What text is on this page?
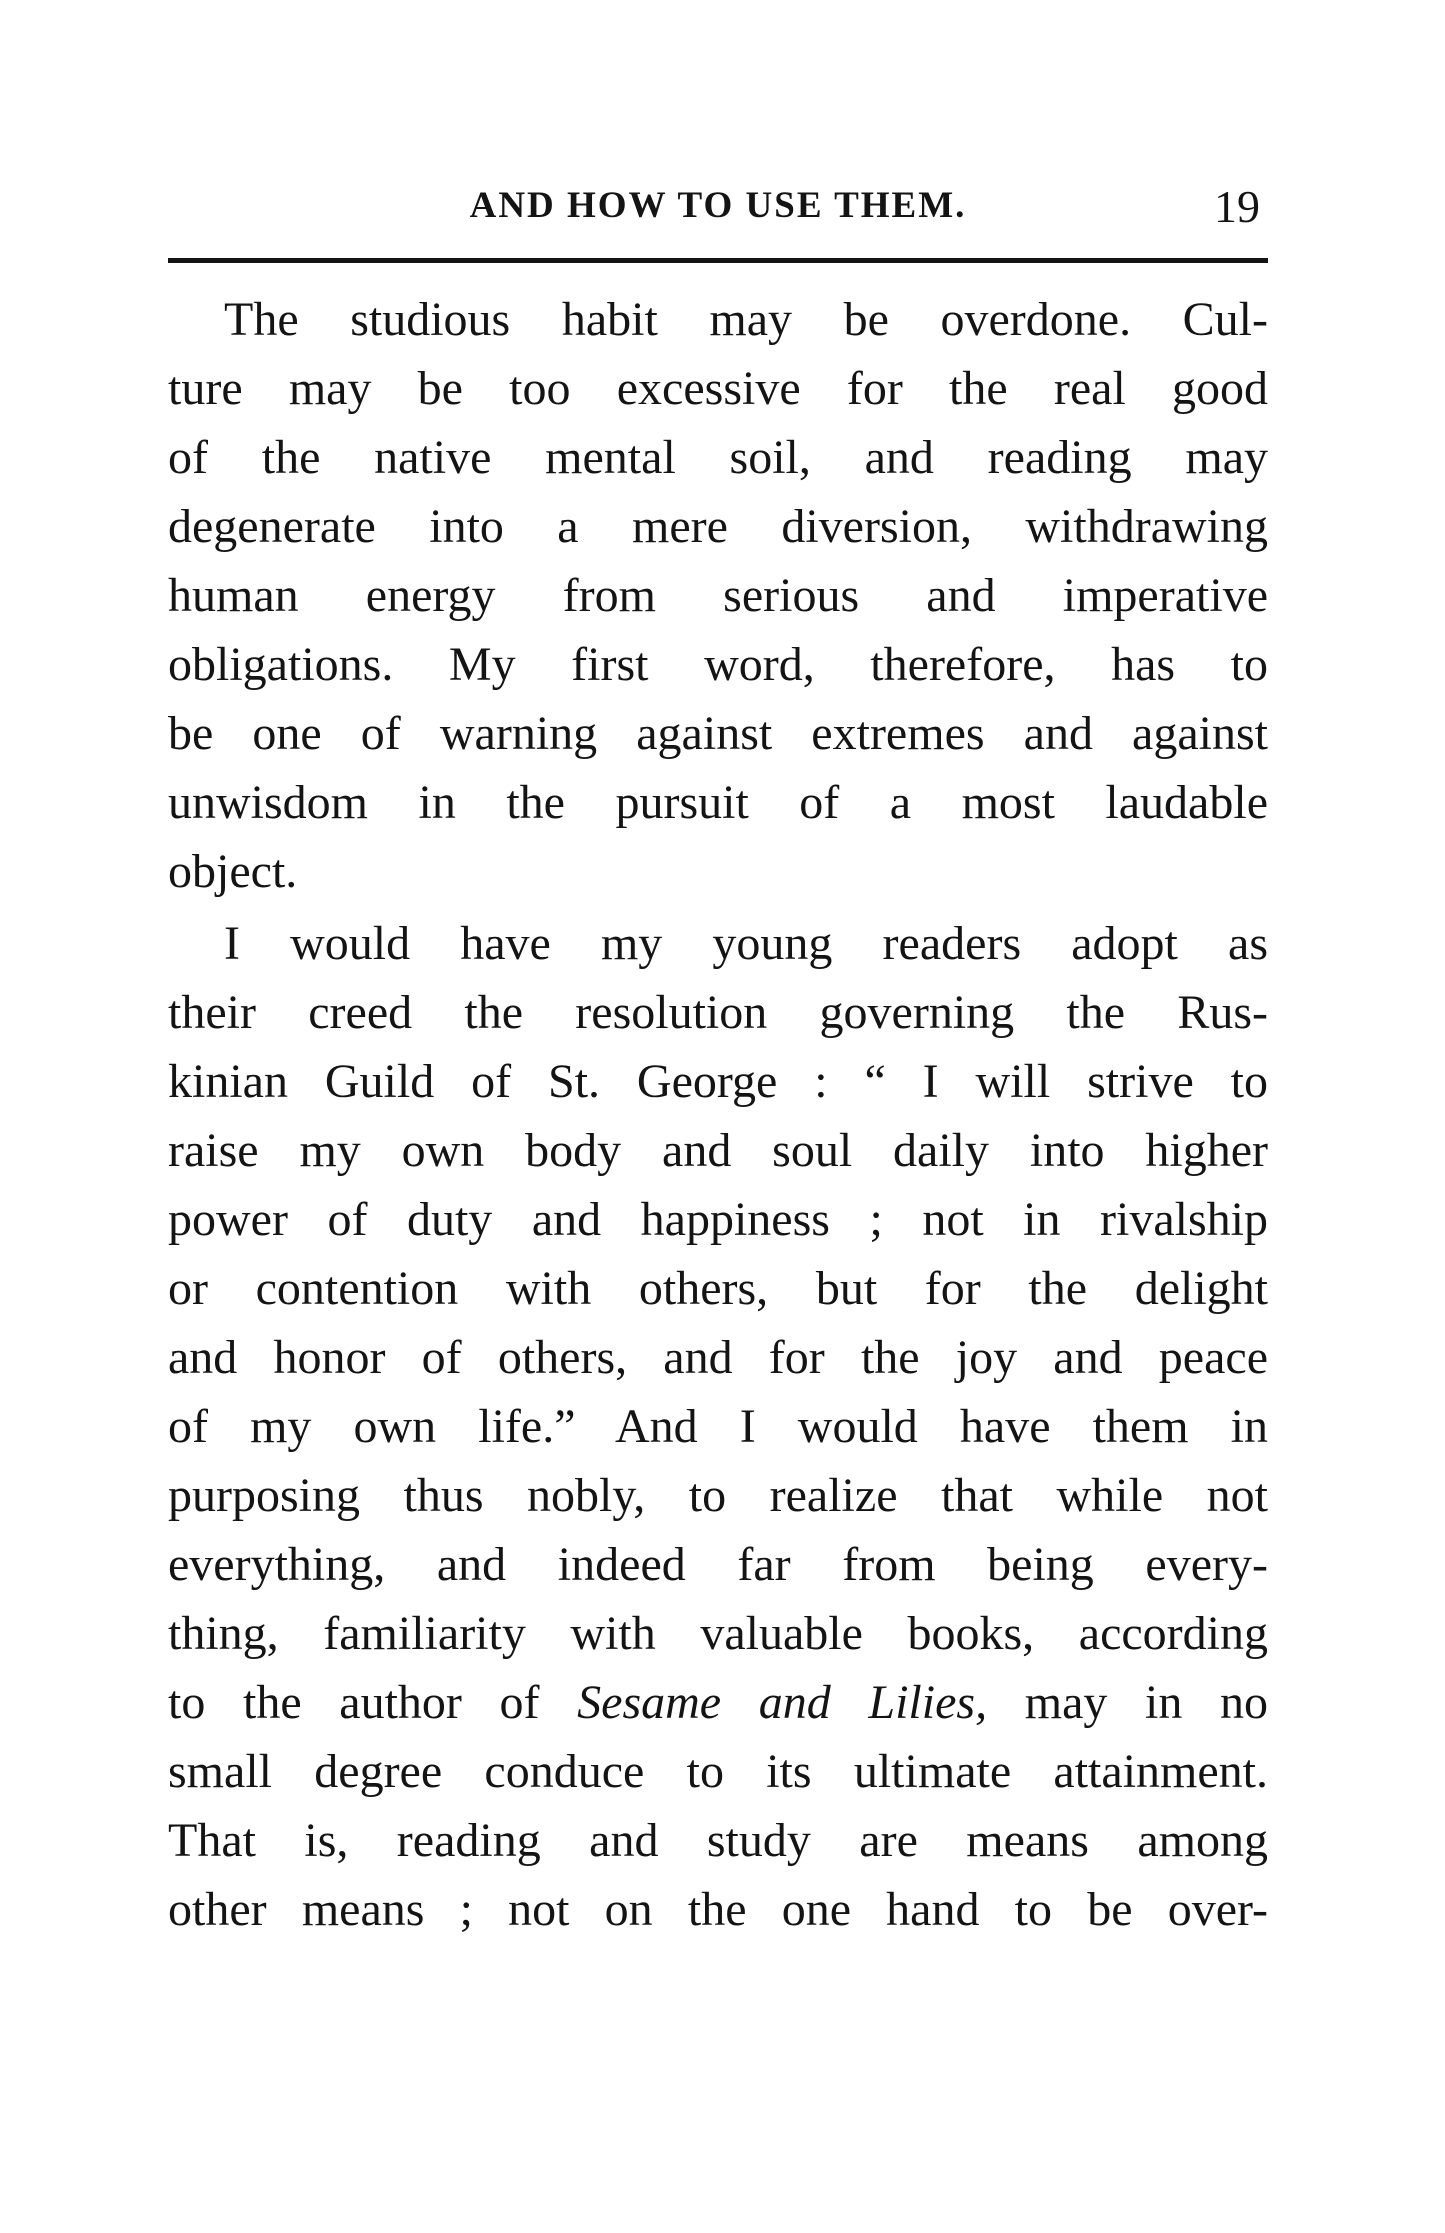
AND HOW TO USE THEM.	19
The studious habit may be overdone. Cul-
ture may be too excessive for the real good
of the native mental soil, and reading may
degenerate into a mere diversion, withdrawing
human energy from serious and imperative
obligations. My first word, therefore, has to
be one of warning against extremes and against
unwisdom in the pursuit of a most laudable
object.
I would have my young readers adopt as
their creed the resolution governing the Rus-
kinian Guild of St. George : “ I will strive to
raise my own body and soul daily into higher
power of duty and happiness ; not in rivalship
or contention with others, but for the delight
and honor of others, and for the joy and peace
of my own life.” And I would have them in
purposing thus nobly, to realize that while not
everything, and indeed far from being every-
thing, familiarity with valuable books, according
to the author of Sesame and Lilies, may in no
small degree conduce to its ultimate attainment.
That is, reading and study are means among
other means ; not on the one hand to be over-
